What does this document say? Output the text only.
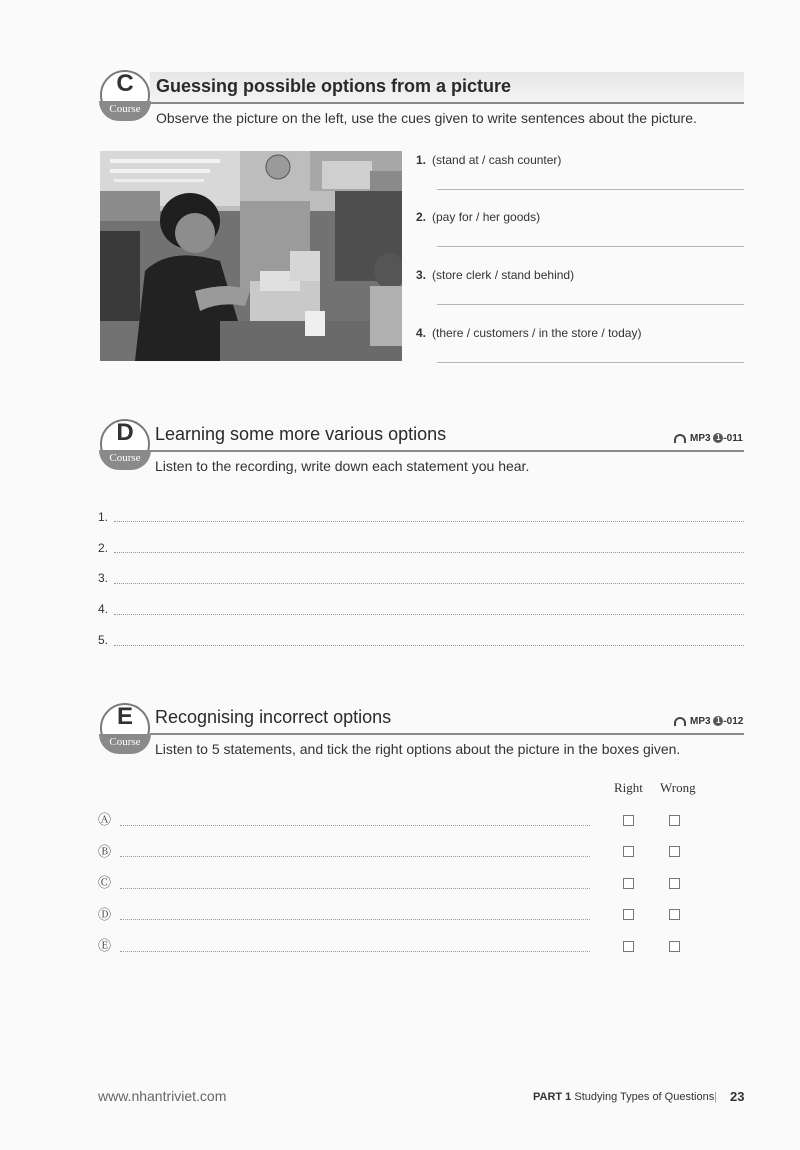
C
Course
Guessing possible options from a picture
Observe the picture on the left, use the cues given to write sentences about the picture.
1. (stand at / cash counter)
2. (pay for / her goods)
3. (store clerk / stand behind)
4. (there / customers / in the store / today)
D
Course
Learning some more various options	MP3 1 -011
Listen to the recording, write down each statement you hear.
1.
2.
3.
4.
5.
E
Course
Recognising incorrect options	MP3 1 -012
Listen to 5 statements, and tick the right options about the picture in the boxes given.
Right Wrong
Ⓐ
Ⓑ
Ⓒ
Ⓓ
Ⓔ
www.nhantriviet.com	PART 1 Studying Types of Questions | 23
